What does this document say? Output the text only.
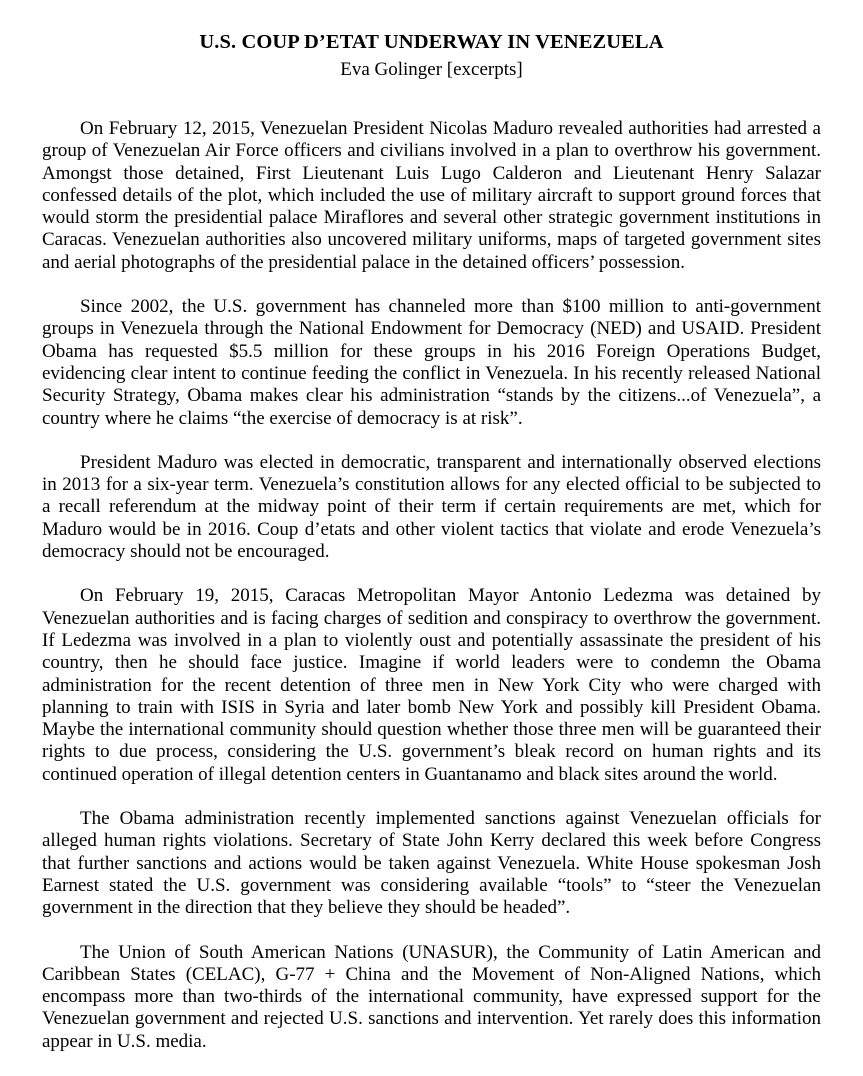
U.S. COUP D’ETAT UNDERWAY IN VENEZUELA

Eva Golinger [excerpts]

On February 12, 2015, Venezuelan President Nicolas Maduro revealed authorities had arrested a group of Venezuelan Air Force officers and civilians involved in a plan to overthrow his government. Amongst those detained, First Lieutenant Luis Lugo Calderon and Lieutenant Henry Salazar confessed details of the plot, which included the use of military aircraft to support ground forces that would storm the presidential palace Miraflores and several other strategic government institutions in Caracas. Venezuelan authorities also uncovered military uniforms, maps of targeted government sites and aerial photographs of the presidential palace in the detained officers’ possession.

Since 2002, the U.S. government has channeled more than $100 million to anti-government groups in Venezuela through the National Endowment for Democracy (NED) and USAID. President Obama has requested $5.5 million for these groups in his 2016 Foreign Operations Budget, evidencing clear intent to continue feeding the conflict in Venezuela. In his recently released National Security Strategy, Obama makes clear his administration “stands by the citizens...of Venezuela”, a country where he claims “the exercise of democracy is at risk”.

President Maduro was elected in democratic, transparent and internationally observed elections in 2013 for a six-year term. Venezuela’s constitution allows for any elected official to be subjected to a recall referendum at the midway point of their term if certain requirements are met, which for Maduro would be in 2016. Coup d’etats and other violent tactics that violate and erode Venezuela’s democracy should not be encouraged.

On February 19, 2015, Caracas Metropolitan Mayor Antonio Ledezma was detained by Venezuelan authorities and is facing charges of sedition and conspiracy to overthrow the government. If Ledezma was involved in a plan to violently oust and potentially assassinate the president of his country, then he should face justice. Imagine if world leaders were to condemn the Obama administration for the recent detention of three men in New York City who were charged with planning to train with ISIS in Syria and later bomb New York and possibly kill President Obama. Maybe the international community should question whether those three men will be guaranteed their rights to due process, considering the U.S. government’s bleak record on human rights and its continued operation of illegal detention centers in Guantanamo and black sites around the world.

The Obama administration recently implemented sanctions against Venezuelan officials for alleged human rights violations. Secretary of State John Kerry declared this week before Congress that further sanctions and actions would be taken against Venezuela. White House spokesman Josh Earnest stated the U.S. government was considering available “tools” to “steer the Venezuelan government in the direction that they believe they should be headed”.

The Union of South American Nations (UNASUR), the Community of Latin American and Caribbean States (CELAC), G-77 + China and the Movement of Non-Aligned Nations, which encompass more than two-thirds of the international community, have expressed support for the Venezuelan government and rejected U.S. sanctions and intervention. Yet rarely does this information appear in U.S. media.
